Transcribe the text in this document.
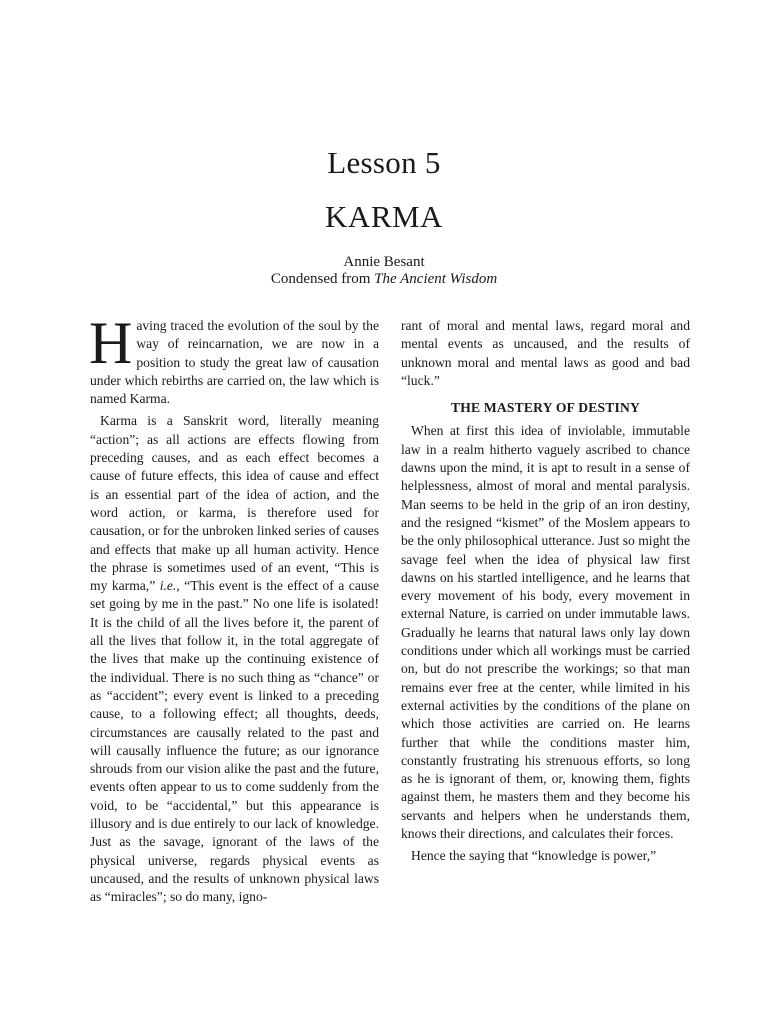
Lesson 5
KARMA
Annie Besant
Condensed from The Ancient Wisdom

Having traced the evolution of the soul by the way of reincarnation, we are now in a position to study the great law of causation under which rebirths are carried on, the law which is named Karma.

Karma is a Sanskrit word, literally meaning “action”; as all actions are effects flowing from preceding causes, and as each effect becomes a cause of future effects, this idea of cause and effect is an essential part of the idea of action, and the word action, or karma, is therefore used for causation, or for the unbroken linked series of causes and effects that make up all human activity. Hence the phrase is sometimes used of an event, “This is my karma,” i.e., “This event is the effect of a cause set going by me in the past.” No one life is isolated! It is the child of all the lives before it, the parent of all the lives that follow it, in the total aggregate of the lives that make up the continuing existence of the individual. There is no such thing as “chance” or as “accident”; every event is linked to a preceding cause, to a following effect; all thoughts, deeds, circumstances are causally related to the past and will causally influence the future; as our ignorance shrouds from our vision alike the past and the future, events often appear to us to come suddenly from the void, to be “accidental,” but this appearance is illusory and is due entirely to our lack of knowledge. Just as the savage, ignorant of the laws of the physical universe, regards physical events as uncaused, and the results of unknown physical laws as “miracles”; so do many, igno-

rant of moral and mental laws, regard moral and mental events as uncaused, and the results of unknown moral and mental laws as good and bad “luck.”

THE MASTERY OF DESTINY

When at first this idea of inviolable, immutable law in a realm hitherto vaguely ascribed to chance dawns upon the mind, it is apt to result in a sense of helplessness, almost of moral and mental paralysis. Man seems to be held in the grip of an iron destiny, and the resigned “kismet” of the Moslem appears to be the only philosophical utterance. Just so might the savage feel when the idea of physical law first dawns on his startled intelligence, and he learns that every movement of his body, every movement in external Nature, is carried on under immutable laws. Gradually he learns that natural laws only lay down conditions under which all workings must be carried on, but do not prescribe the workings; so that man remains ever free at the center, while limited in his external activities by the conditions of the plane on which those activities are carried on. He learns further that while the conditions master him, constantly frustrating his strenuous efforts, so long as he is ignorant of them, or, knowing them, fights against them, he masters them and they become his servants and helpers when he understands them, knows their directions, and calculates their forces.

Hence the saying that “knowledge is power,”
